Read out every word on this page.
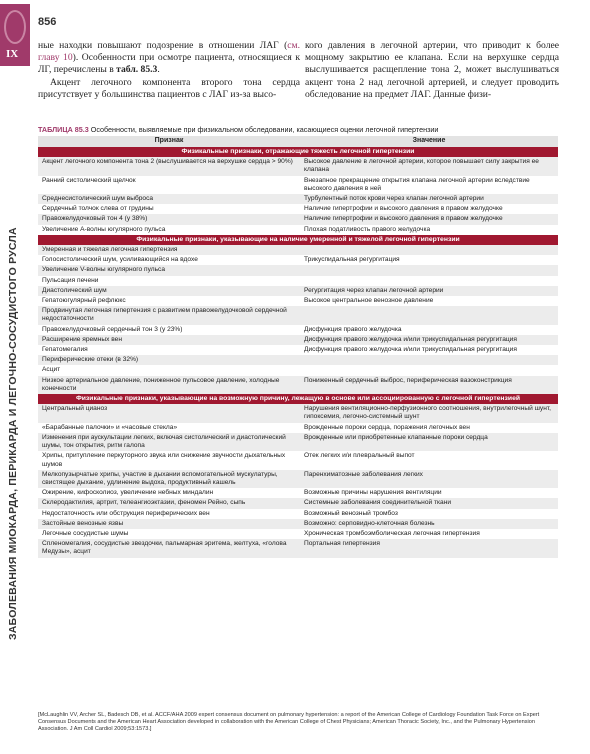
IX
ЗАБОЛЕВАНИЯ МИОКАРДА, ПЕРИКАРДА И ЛЕГОЧНО-СОСУДИСТОГО РУСЛА
856

ные находки повышают подозрение в отношении ЛАГ (см. главу 10). Особенности при осмотре пациента, относящиеся к ЛГ, перечислены в табл. 85.3.

Акцент легочного компонента второго тона сердца присутствует у большинства пациентов с ЛАГ из-за высо-

кого давления в легочной артерии, что приводит к более мощному закрытию ее клапана. Если на верхушке сердца выслушивается расщепление тона 2, может выслушиваться акцент тона 2 над легочной артерией, и следует проводить обследование на предмет ЛАГ. Данные физи-

ТАБЛИЦА 85.3 Особенности, выявляемые при физикальном обследовании, касающиеся оценки легочной гипертензии
Признак	Значение
Физикальные признаки, отражающие тяжесть легочной гипертензии	
Акцент легочного компонента тона 2 (выслушивается на верхушке сердца > 90%)	Высокое давление в легочной артерии, которое повышает силу закрытия ее клапана
Ранний систолический щелчок	Внезапное прекращение открытия клапана легочной артерии вследствие высокого давления в ней
Среднесистолический шум выброса	Турбулентный поток крови через клапан легочной артерии
Сердечный толчок слева от грудины	Наличие гипертрофии и высокого давления в правом желудочке
Правожелудочковый тон 4 (у 38%)	Наличие гипертрофии и высокого давления в правом желудочке
Увеличение А-волны югулярного пульса	Плохая податливость правого желудочка
Физикальные признаки, указывающие на наличие умеренной и тяжелой легочной гипертензии	
Умеренная и тяжелая легочная гипертензия	
Голосистолический шум, усиливающийся на вдохе	Трикуспидальная регургитация
Увеличение V-волны югулярного пульса	
Пульсация печени	
Диастолический шум	Регургитация через клапан легочной артерии
Гепатоюгулярный рефлюкс	Высокое центральное венозное давление
Продвинутая легочная гипертензия с развитием правожелудочковой сердечной недостаточности	
Правожелудочковый сердечный тон 3 (у 23%)	Дисфункция правого желудочка
Расширение яремных вен	Дисфункция правого желудочка и/или трикуспидальная регургитация
Гепатомегалия	Дисфункция правого желудочка и/или трикуспидальная регургитация
Периферические отеки (в 32%)	
Асцит	
Низкое артериальное давление, пониженное пульсовое давление, холодные конечности	Пониженный сердечный выброс, периферическая вазоконстрикция
Физикальные признаки, указывающие на возможную причину, лежащую в основе или ассоциированную с легочной гипертензией	
Центральный цианоз	Нарушения вентиляционно-перфузионного соотношения, внутрилегочный шунт, гипоксемия, легочно-системный шунт
«Барабанные палочки» и «часовые стекла»	Врожденные пороки сердца, поражения легочных вен
Изменения при аускультации легких, включая систолический и диастолический шумы, тон открытия, ритм галопа	Врожденные или приобретенные клапанные пороки сердца
Хрипы, притупление перкуторного звука или снижение звучности дыхательных шумов	Отек легких и/и плевральный выпот
Мелкопузырчатые хрипы, участие в дыхании вспомогательной мускулатуры, свистящее дыхание, удлинение выдоха, продуктивный кашель	Паренхиматозные заболевания легких
Ожирение, кифосколиоз, увеличение небных миндалин	Возможные причины нарушения вентиляции
Склеродактилия, артрит, телеангиоэктазии, феномен Рейно, сыпь	Системные заболевания соединительной ткани
Недостаточность или обструкция периферических вен	Возможный венозный тромбоз
Застойные венозные язвы	Возможно: серповидно-клеточная болезнь
Легочные сосудистые шумы	Хроническая тромбоэмболическая легочная гипертензия
Спленомегалия, сосудистые звездочки, пальмарная эритема, желтуха, «голова Медузы», асцит	Портальная гипертензия
[McLaughlin VV, Archer SL, Badesch DB, et al. ACCF/AHA 2009 expert consensus document on pulmonary hypertension: a report of the American College of Cardiology Foundation Task Force on Expert Consensus Documents and the American Heart Association developed in collaboration with the American College of Chest Physicians; American Thoracic Society, Inc., and the Pulmonary Hypertension Association. J Am Coll Cardiol 2009;53:1573.]
